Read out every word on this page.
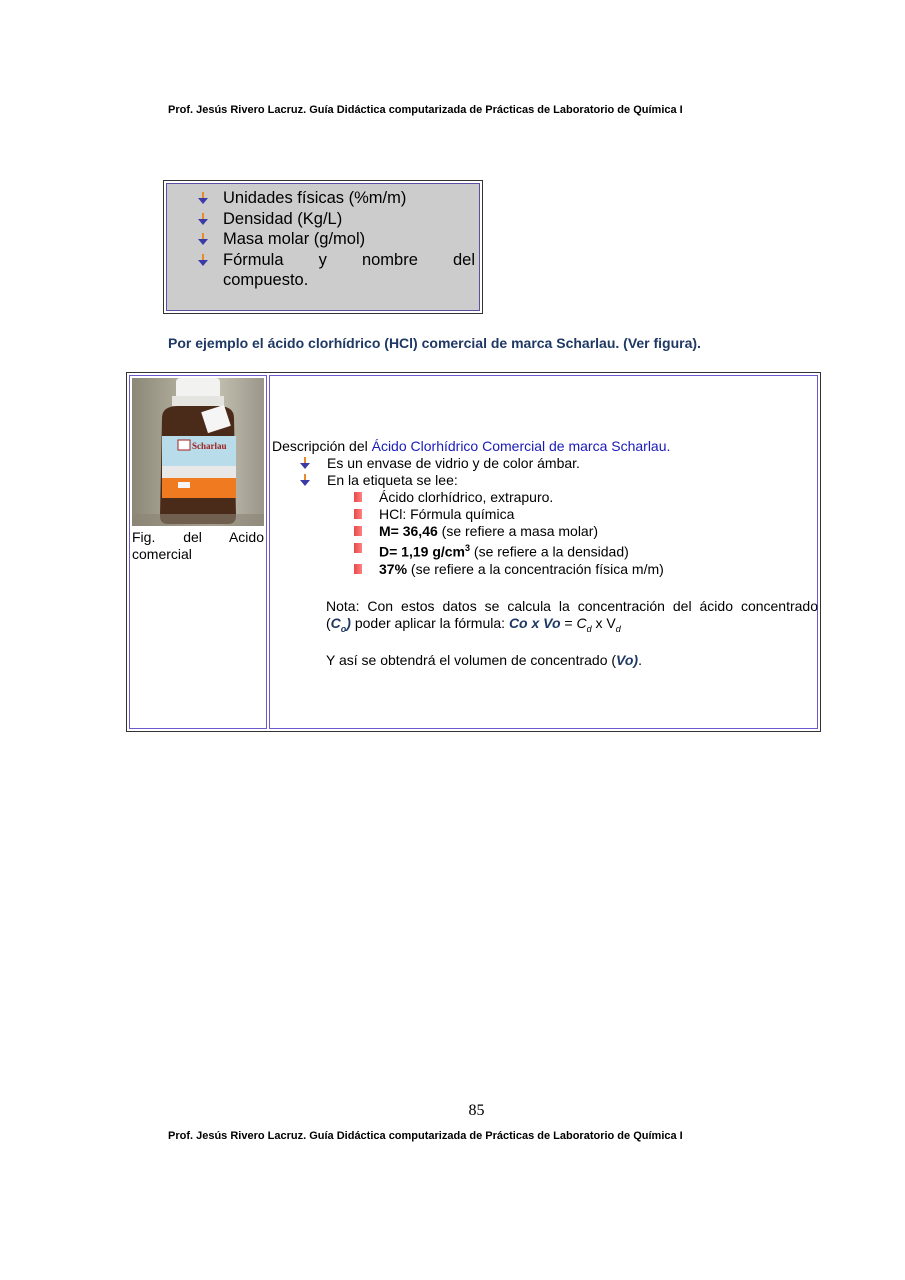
Prof. Jesús Rivero Lacruz. Guía Didáctica computarizada de Prácticas de Laboratorio de Química I
Unidades físicas (%m/m)
Densidad (Kg/L)
Masa molar (g/mol)
Fórmula y nombre del
compuesto.
Por ejemplo el ácido clorhídrico (HCl) comercial de marca Scharlau. (Ver figura).
Scharlau
Fig. del Acido
comercial
Descripción del Ácido Clorhídrico Comercial de marca Scharlau.
Es un envase de vidrio y de color ámbar.
En la etiqueta se lee:
Ácido clorhídrico, extrapuro.
HCl: Fórmula química
M= 36,46 (se refiere a masa molar)
D= 1,19 $g/cm^3$ (se refiere a la densidad)
37% (se refiere a la concentración física m/m)
Nota: Con estos datos se calcula la concentración del ácido concentrado
$(C_o)$ poder aplicar la fórmula: Co x $Vo = C_d$ x $V_d$
Y así se obtendrá el volumen de concentrado (Vo).
85
Prof. Jesús Rivero Lacruz. Guía Didáctica computarizada de Prácticas de Laboratorio de Química I
